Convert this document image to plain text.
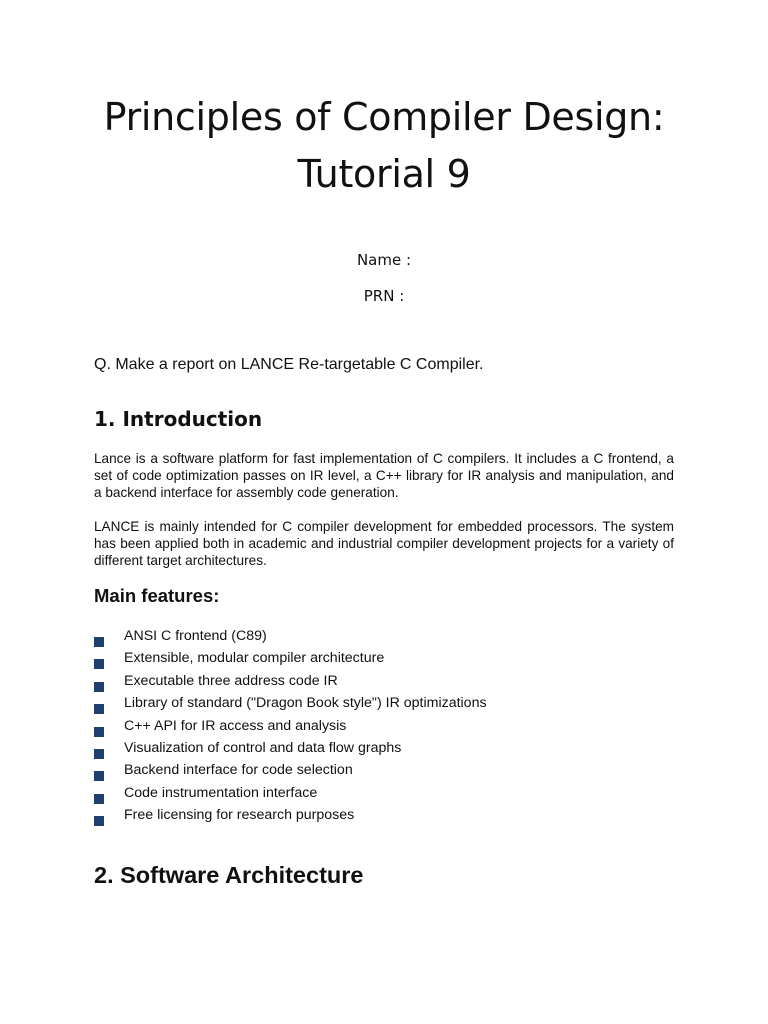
Principles of Compiler Design:
Tutorial 9
Name :
PRN :
Q. Make a report on LANCE Re-targetable C Compiler.
1. Introduction
Lance is a software platform for fast implementation of C compilers. It includes a C frontend, a set of code optimization passes on IR level, a C++ library for IR analysis and manipulation, and a backend interface for assembly code generation.
LANCE is mainly intended for C compiler development for embedded processors. The system has been applied both in academic and industrial compiler development projects for a variety of different target architectures.
Main features:
ANSI C frontend (C89)
Extensible, modular compiler architecture
Executable three address code IR
Library of standard ("Dragon Book style") IR optimizations
C++ API for IR access and analysis
Visualization of control and data flow graphs
Backend interface for code selection
Code instrumentation interface
Free licensing for research purposes
2. Software Architecture
